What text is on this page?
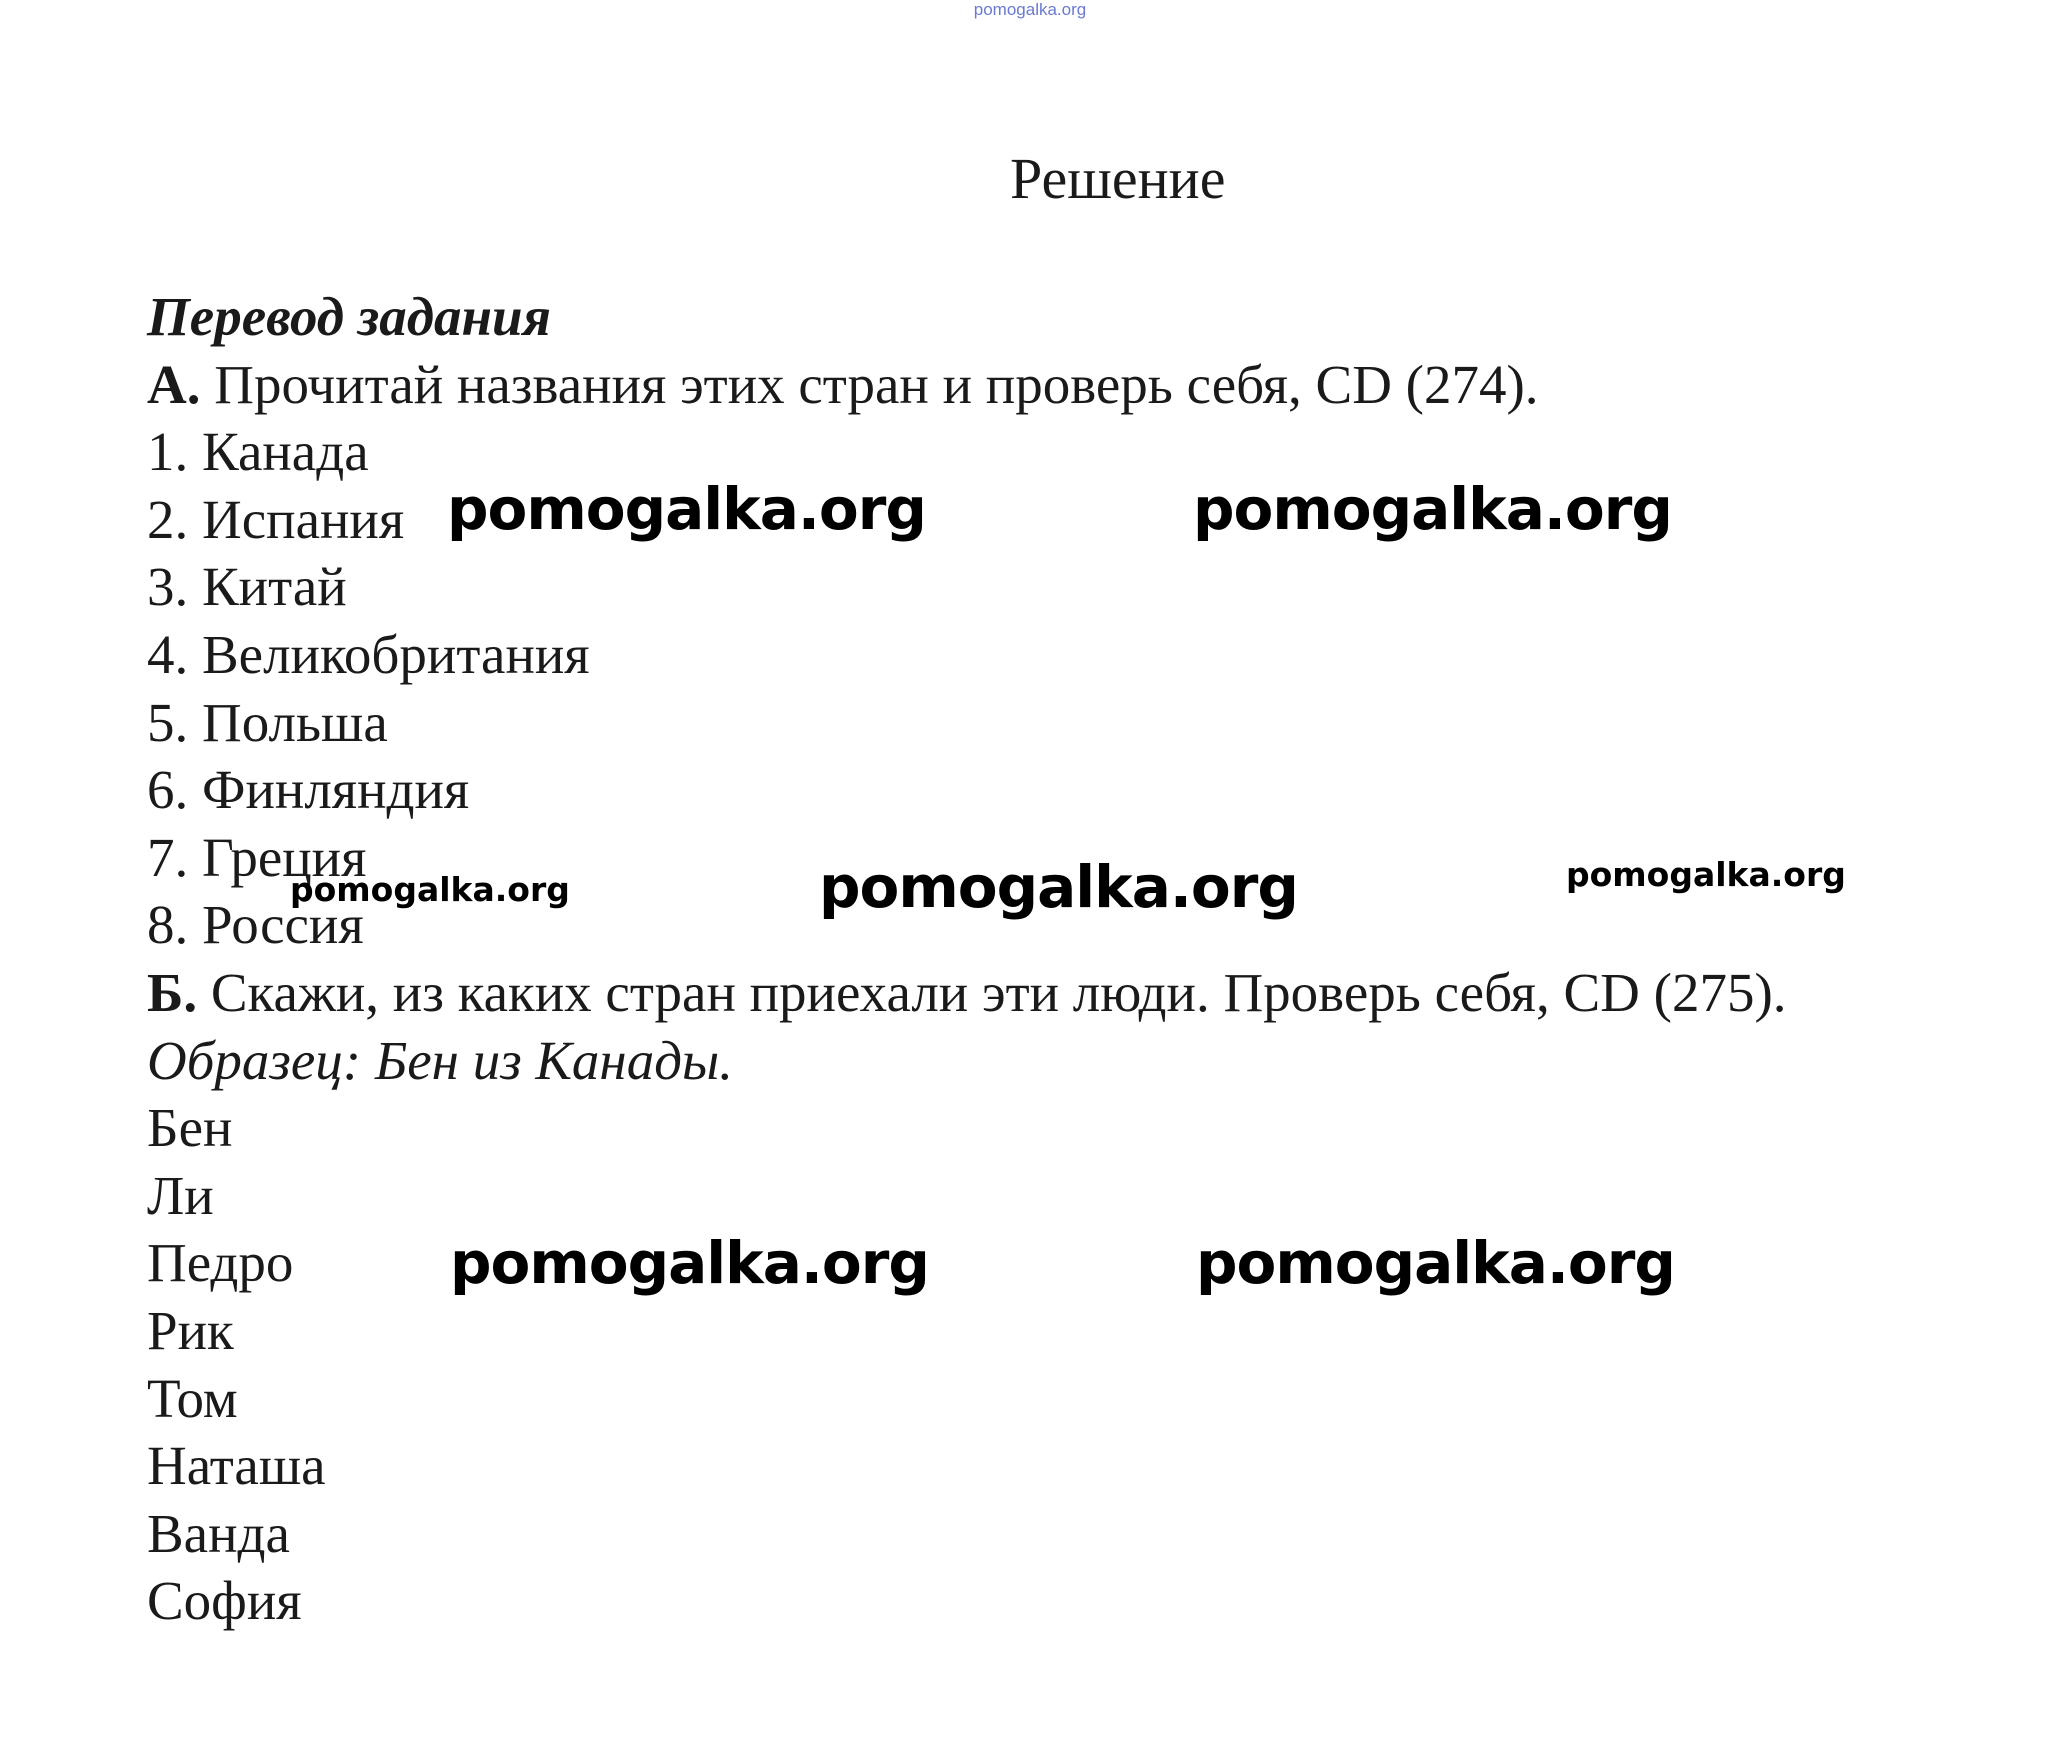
pomogalka.org
Решение
Перевод задания
А. Прочитай названия этих стран и проверь себя, CD (274).
1. Канада
2. Испания
3. Китай
4. Великобритания
5. Польша
6. Финляндия
7. Греция
8. Россия
Б. Скажи, из каких стран приехали эти люди. Проверь себя, CD (275).
Образец: Бен из Канады.
Бен
Ли
Педро
Рик
Том
Наташа
Ванда
София
pomogalka.org	pomogalka.org
pomogalka.org	pomogalka.org	pomogalka.org
pomogalka.org	pomogalka.org
